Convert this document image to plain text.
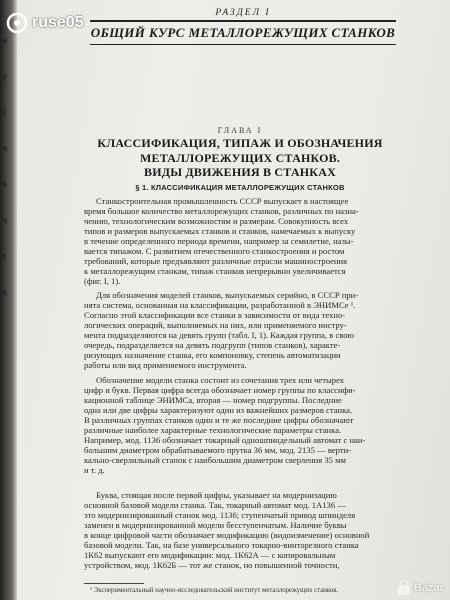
н

р

с

н

о

ч

т

к

ruse05
РАЗДЕЛ I
ОБЩИЙ КУРС МЕТАЛЛОРЕЖУЩИХ СТАНКОВ
ГЛАВА I
КЛАССИФИКАЦИЯ, ТИПАЖ И ОБОЗНАЧЕНИЯ
МЕТАЛЛОРЕЖУЩИХ СТАНКОВ.
ВИДЫ ДВИЖЕНИЯ В СТАНКАХ
§ 1. КЛАССИФИКАЦИЯ МЕТАЛЛОРЕЖУЩИХ СТАНКОВ
Станкостроительная промышленность СССР выпускает в настоящее
время большое количество металлорежущих станков, различных по назна-
чению, технологическим возможностям и размерам. Совокупность всех
типов и размеров выпускаемых станков и станков, намечаемых к выпуску
в течение определенного периода времени, например за семилетие, назы-
вается типажом. С развитием отечественного станкостроения и ростом
требований, которые предъявляют различные отрасли машиностроения
к металлорежущим станкам, типаж станков непрерывно увеличивается
(фиг. I, 1).
Для обозначения моделей станков, выпускаемых серийно, в СССР при-
нята система, основанная на классификации, разработанной в ЭНИМСе ¹.
Согласно этой классификации все станки в зависимости от вида техно-
логических операций, выполняемых на них, или применяемого инстру-
мента подразделяются на девять групп (табл. I, 1). Каждая группа, в свою
очередь, подразделяется на девять подгрупп (типов станков), характе-
ризующих назначение станка, его компоновку, степень автоматизации
работы или вид применяемого инструмента.
Обозначение модели станка состоит из сочетания трех или четырех
цифр и букв. Первая цифра всегда обозначает номер группы по классифи-
кационной таблице ЭНИМСа, вторая — номер подгруппы. Последние
одна или две цифры характеризуют один из важнейших размеров станка.
В различных группах станков один и те же последние цифры обозначают
различные наиболее характерные технологические параметры станка.
Например, мод. 1136 обозначает токарный одношпиндельный автомат с наи-
большим диаметром обрабатываемого прутка 36 мм, мод. 2135 — верти-
кально-сверлильный станок с наибольшим диаметром сверления 35 мм
и т. д.
Буква, стоящая после первой цифры, указывает на модернизацию
основной базовой модели станка. Так, токарный автомат мод. 1А136 —
это модернизированный станок мод. 1136; ступенчатый привод шпинделя
заменен в модернизированной модели бесступенчатым. Наличие буквы
в конце цифровой части обозначает модификацию (видоизменение) основной
базовой модели. Так, на базе универсального токарно-винторезного станка
1К62 выпускают его модификации: мод. 1К62А — с копировальным
устройством, мод. 1К62Б — тот же станок, но повышенной точности,
¹ Экспериментальный научно-исследовательский институт металлорежущих станков.	Bazar
